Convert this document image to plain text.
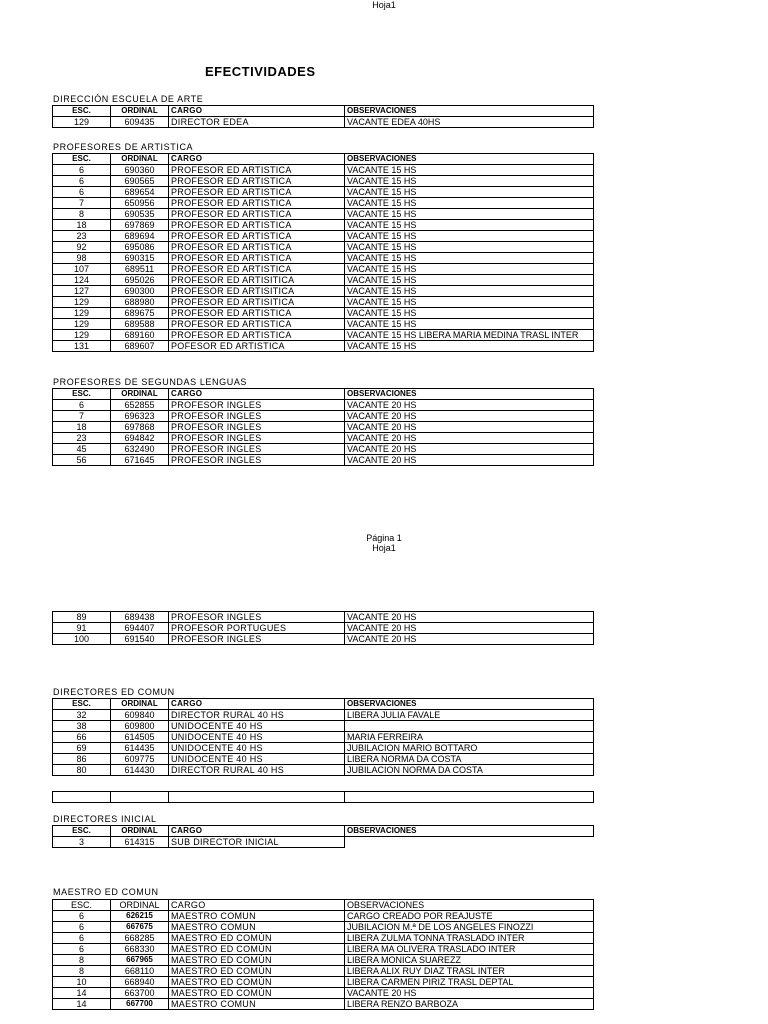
Hoja1
EFECTIVIDADES
DIRECCIÓN ESCUELA DE ARTE
ESC.	ORDINAL	CARGO	OBSERVACIONES
129	609435	DIRECTOR EDEA	VACANTE EDEA 40HS
PROFESORES DE ARTISTICA
ESC.	ORDINAL	CARGO	OBSERVACIONES
6	690360	PROFESOR ED ARTISTICA	VACANTE 15 HS
6	690565	PROFESOR ED ARTISTICA	VACANTE 15 HS
6	689654	PROFESOR ED ARTISTICA	VACANTE 15 HS
7	650956	PROFESOR ED ARTISTICA	VACANTE 15 HS
8	690535	PROFESOR ED ARTISTICA	VACANTE 15 HS
18	697869	PROFESOR ED ARTISTICA	VACANTE 15 HS
23	689694	PROFESOR ED ARTISTICA	VACANTE 15 HS
92	695086	PROFESOR ED ARTISTICA	VACANTE 15 HS
98	690315	PROFESOR ED ARTISTICA	VACANTE 15 HS
107	689511	PROFESOR ED ARTISTICA	VACANTE 15 HS
124	695026	PROFESOR ED ARTISITICA	VACANTE 15 HS
127	690300	PROFESOR ED ARTISITICA	VACANTE 15 HS
129	688980	PROFESOR ED ARTISITICA	VACANTE 15 HS
129	689675	PROFESOR ED ARTISTICA	VACANTE 15 HS
129	689588	PROFESOR ED ARTISTICA	VACANTE 15 HS
129	689160	PROFESOR ED ARTISTICA	VACANTE 15 HS LIBERA MARIA MEDINA TRASL INTER
131	689607	POFESOR ED ARTISTICA	VACANTE 15 HS
PROFESORES DE SEGUNDAS LENGUAS
ESC.	ORDINAL	CARGO	OBSERVACIONES
6	652855	PROFESOR INGLES	VACANTE 20 HS
7	696323	PROFESOR INGLES	VACANTE 20 HS
18	697868	PROFESOR INGLES	VACANTE 20 HS
23	694842	PROFESOR INGLES	VACANTE 20 HS
45	632490	PROFESOR INGLES	VACANTE 20 HS
56	671645	PROFESOR INGLES	VACANTE 20 HS
Página 1
Hoja1
89	689438	PROFESOR INGLES	VACANTE 20 HS
91	694407	PROFESOR PORTUGUES	VACANTE 20 HS
100	691540	PROFESOR INGLES	VACANTE 20 HS
DIRECTORES ED COMUN
ESC.	ORDINAL	CARGO	OBSERVACIONES
32	609840	DIRECTOR RURAL 40 HS	LIBERA JULIA FAVALE
38	609800	UNIDOCENTE 40 HS	
66	614505	UNIDOCENTE 40 HS	MARIA FERREIRA
69	614435	UNIDOCENTE 40 HS	JUBILACION MARIO BOTTARO
86	609775	UNIDOCENTE 40 HS	LIBERA NORMA DA COSTA
80	614430	DIRECTOR RURAL 40 HS	JUBILACION NORMA DA COSTA

DIRECTORES INICIAL
ESC.	ORDINAL	CARGO	OBSERVACIONES
3	614315	SUB DIRECTOR INICIAL	
MAESTRO ED COMUN
ESC.	ORDINAL	CARGO	OBSERVACIONES
6	626215	MAESTRO COMUN	CARGO CREADO POR REAJUSTE
6	667675	MAESTRO COMUN	JUBILACION M.ª DE LOS ANGELES FINOZZI
6	668285	MAESTRO ED COMÚN	LIBERA ZULMA TONNA TRASLADO INTER
6	668330	MAESTRO ED COMÚN	LIBERA MA OLIVERA TRASLADO INTER
8	667965	MAESTRO ED COMÚN	LIBERA MONICA SUAREZZ
8	668110	MAESTRO ED COMÚN	LIBERA ALIX RUY DIAZ TRASL INTER
10	668940	MAESTRO ED COMÚN	LIBERA CARMEN PIRIZ TRASL DEPTAL
14	663700	MAESTRO ED COMÚN	VACANTE 20 HS
14	667700	MAESTRO COMUN	LIBERA RENZO BARBOZA
